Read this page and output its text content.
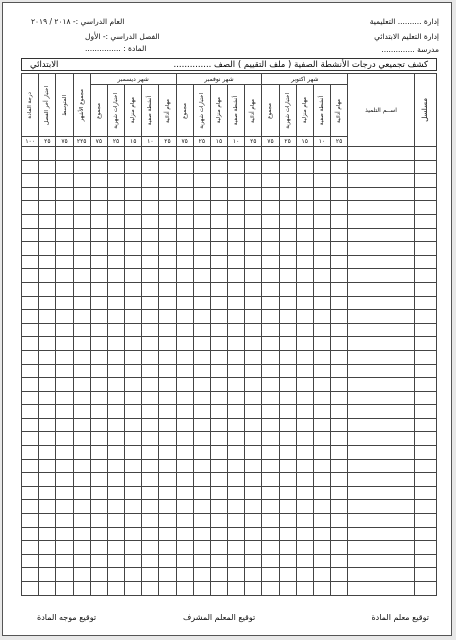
إدارة .......... التعليمية
إدارة التعليم الابتدائي
مدرسة ..............
العام الدراسي :- ٢٠١٨ / ٢٠١٩
الفصل الدراسي :- الأول
المادة : ...............
كشف تجميعي درجات الأنشطة الصفية ( ملف التقييم ) الصف ..............
الابتدائي
مسلسل	اســم التلميذ	شهر اكتوبر					شهر نوفمبر					شهر ديسمبر					مجموع الأشهر	المتوسط	اختبار أخر الفصل	درجة المادة

		مهام أدائية	أنشطة صفية	مهام منزلية	اختبارات شهرية	مجموع	مهام أدائية	أنشطة صفية	مهام منزلية	اختبارات شهرية	مجموع	مهام أدائية	أنشطة صفية	مهام منزلية	اختبارات شهرية	مجموع				

		٢٥	١٠	١٥	٢٥	٧٥	٢٥	١٠	١٥	٢٥	٧٥	٢٥	١٠	١٥	٢٥	٧٥	٢٢٥	٧٥	٢٥	١٠٠

توقيع معلم المادة
توقيع المعلم المشرف
توقيع موجه المادة
